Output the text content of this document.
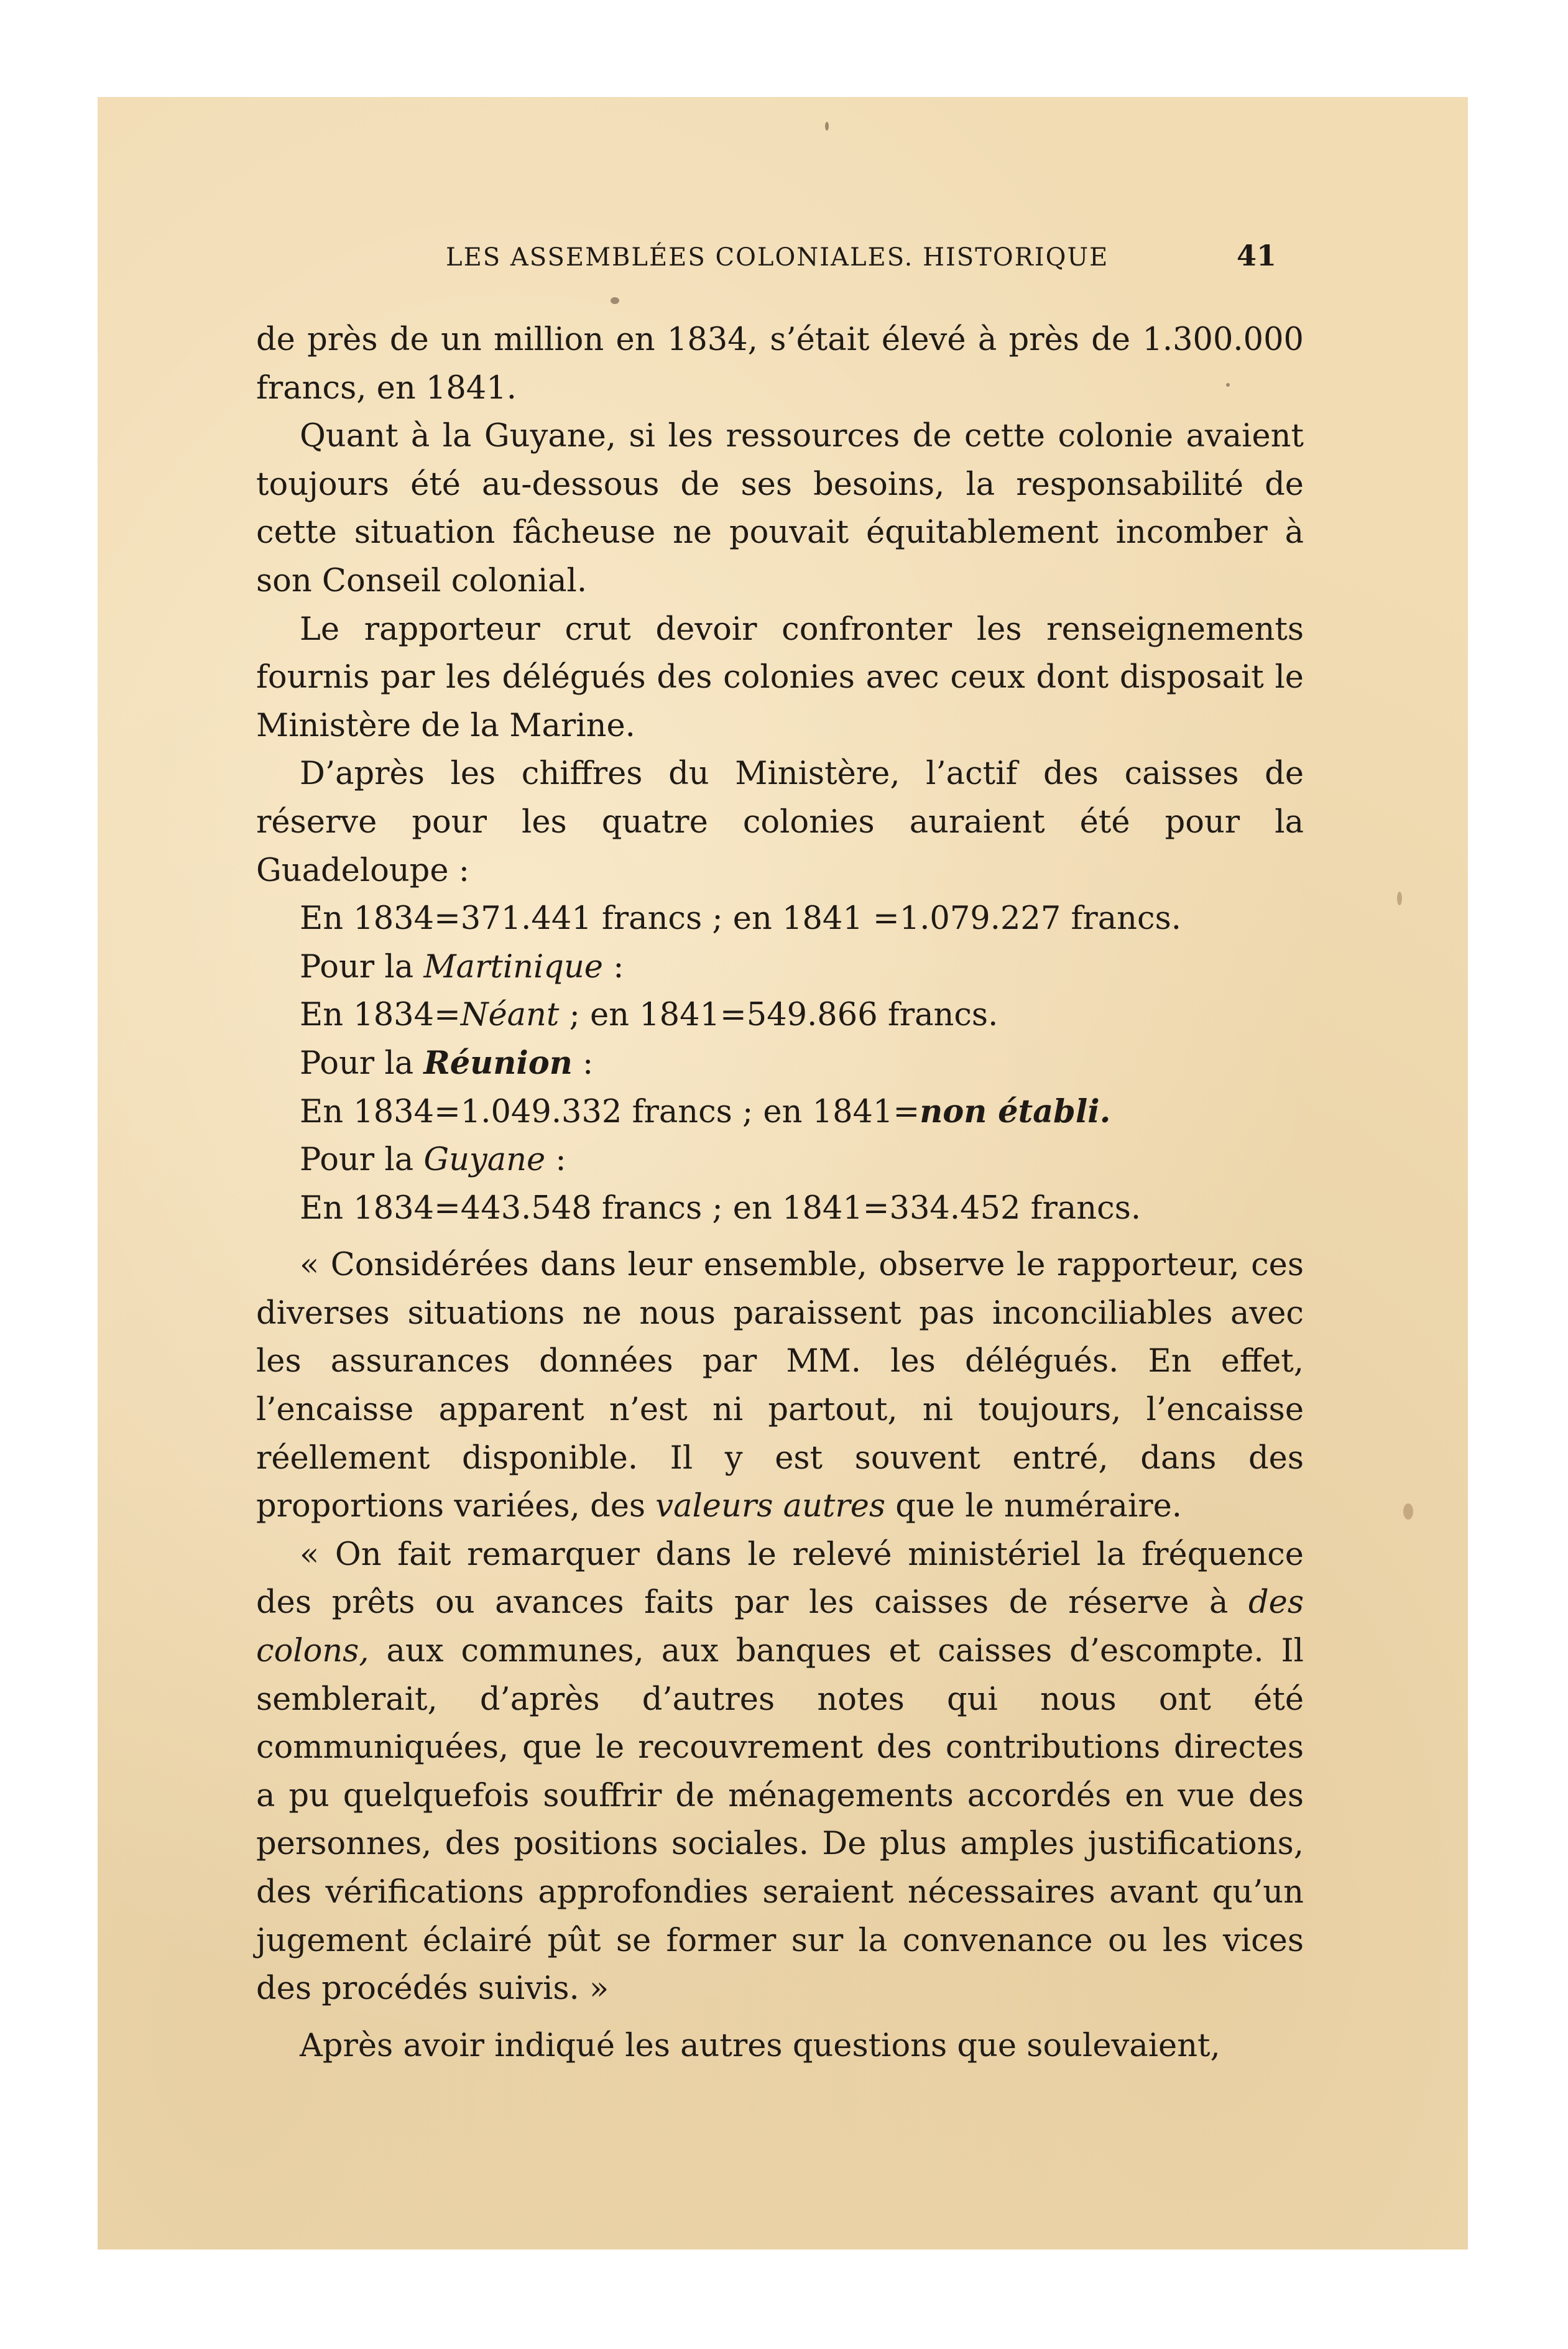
LES ASSEMBLÉES COLONIALES. HISTORIQUE	41

de près de un million en 1834, s’était élevé à près de 1.300.000 francs, en 1841.

Quant à la Guyane, si les ressources de cette colonie avaient toujours été au-dessous de ses besoins, la responsabilité de cette situation fâcheuse ne pouvait équitablement incomber à son Conseil colonial.

Le rapporteur crut devoir confronter les renseignements fournis par les délégués des colonies avec ceux dont disposait le Ministère de la Marine.

D’après les chiffres du Ministère, l’actif des caisses de réserve pour les quatre colonies auraient été pour la Guadeloupe :

En 1834=371.441 francs ; en 1841 =1.079.227 francs.

Pour la Martinique :

En 1834=Néant ; en 1841=549.866 francs.

Pour la Réunion :

En 1834=1.049.332 francs ; en 1841=non établi.

Pour la Guyane :

En 1834=443.548 francs ; en 1841=334.452 francs.

« Considérées dans leur ensemble, observe le rapporteur, ces diverses situations ne nous paraissent pas inconciliables avec les assurances données par MM. les délégués. En effet, l’encaisse apparent n’est ni partout, ni toujours, l’encaisse réellement disponible. Il y est souvent entré, dans des proportions variées, des valeurs autres que le numéraire.

« On fait remarquer dans le relevé ministériel la fréquence des prêts ou avances faits par les caisses de réserve à des colons, aux communes, aux banques et caisses d’escompte. Il semblerait, d’après d’autres notes qui nous ont été communiquées, que le recouvrement des contributions directes a pu quelquefois souffrir de ménagements accordés en vue des personnes, des positions sociales. De plus amples justifications, des vérifications approfondies seraient nécessaires avant qu’un jugement éclairé pût se former sur la convenance ou les vices des procédés suivis. »

Après avoir indiqué les autres questions que soulevaient,
